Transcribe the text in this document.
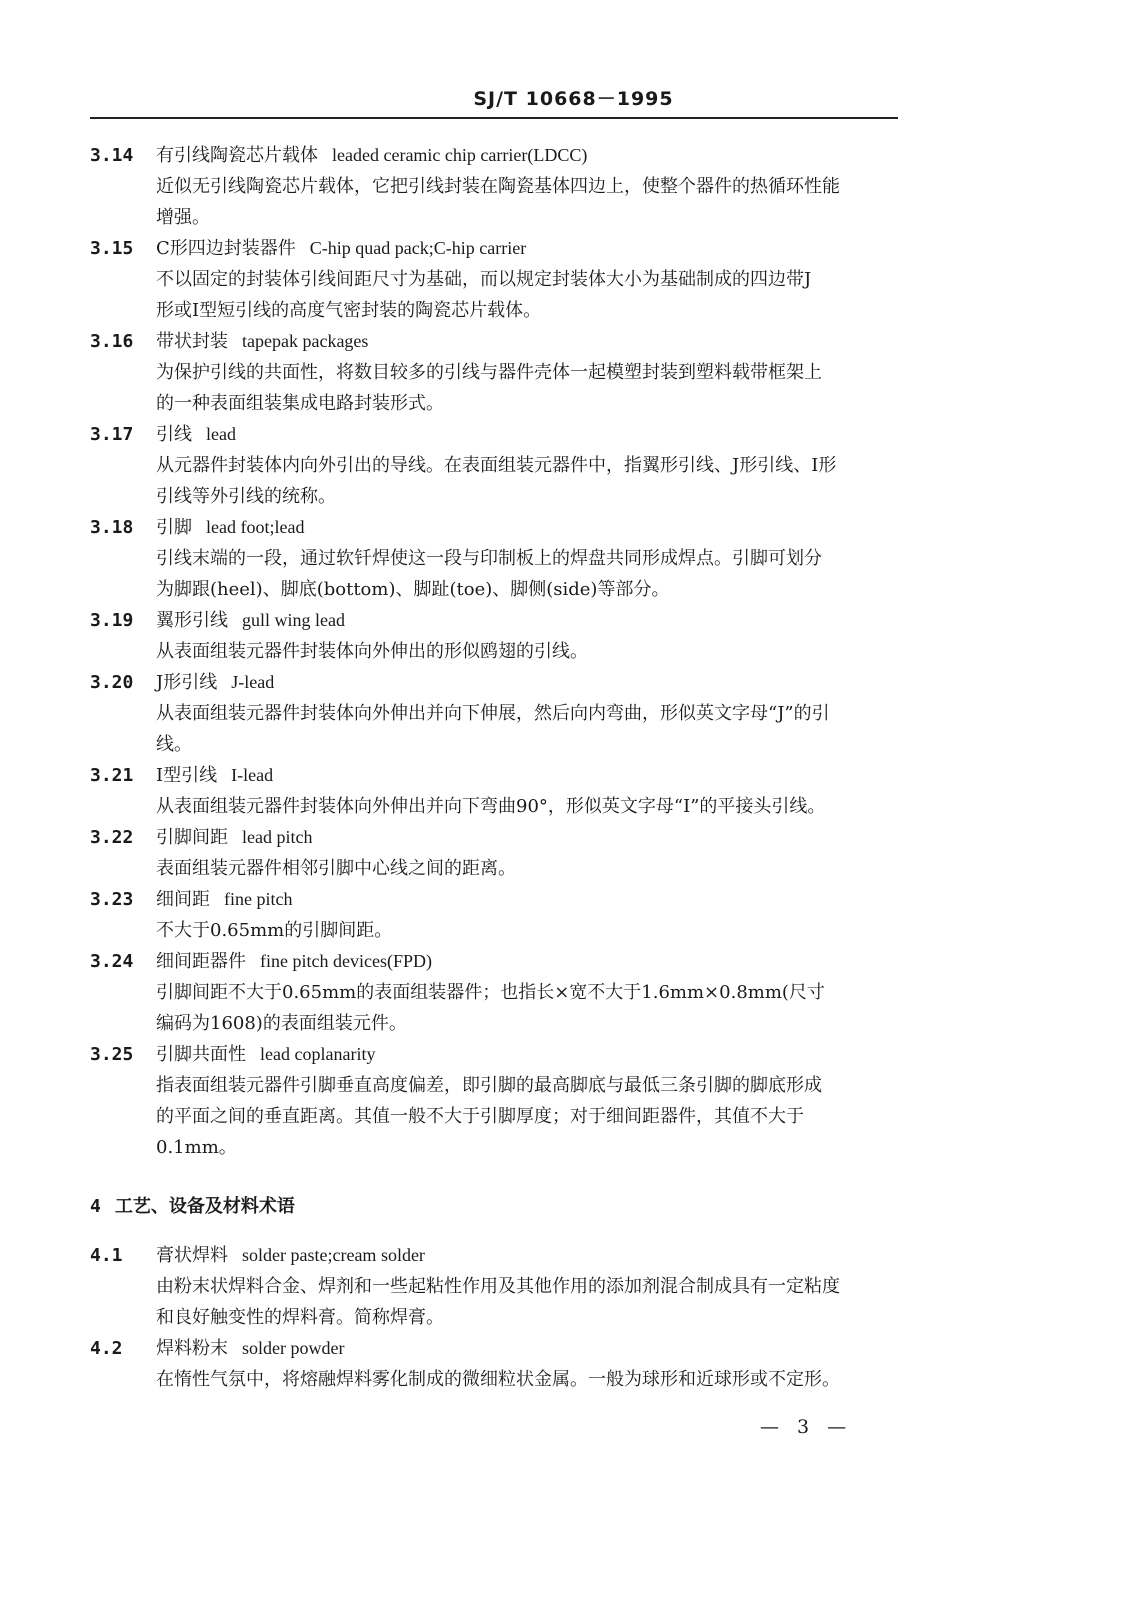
SJ/T 10668－1995
3.14 有引线陶瓷芯片载体 leaded ceramic chip carrier(LDCC)
近似无引线陶瓷芯片载体，它把引线封装在陶瓷基体四边上，使整个器件的热循环性能
增强。
3.15 C形四边封装器件 C-hip quad pack;C-hip carrier
不以固定的封装体引线间距尺寸为基础，而以规定封装体大小为基础制成的四边带J
形或I型短引线的高度气密封装的陶瓷芯片载体。
3.16 带状封装 tapepak packages
为保护引线的共面性，将数目较多的引线与器件壳体一起模塑封装到塑料载带框架上
的一种表面组装集成电路封装形式。
3.17 引线 lead
从元器件封装体内向外引出的导线。在表面组装元器件中，指翼形引线、J形引线、I形
引线等外引线的统称。
3.18 引脚 lead foot;lead
引线末端的一段，通过软钎焊使这一段与印制板上的焊盘共同形成焊点。引脚可划分
为脚跟(heel)、脚底(bottom)、脚趾(toe)、脚侧(side)等部分。
3.19 翼形引线 gull wing lead
从表面组装元器件封装体向外伸出的形似鸥翅的引线。
3.20 J形引线 J-lead
从表面组装元器件封装体向外伸出并向下伸展，然后向内弯曲，形似英文字母“J”的引
线。
3.21 I型引线 I-lead
从表面组装元器件封装体向外伸出并向下弯曲90°，形似英文字母“I”的平接头引线。
3.22 引脚间距 lead pitch
表面组装元器件相邻引脚中心线之间的距离。
3.23 细间距 fine pitch
不大于0.65mm的引脚间距。
3.24 细间距器件 fine pitch devices(FPD)
引脚间距不大于0.65mm的表面组装器件；也指长×宽不大于1.6mm×0.8mm(尺寸
编码为1608)的表面组装元件。
3.25 引脚共面性 lead coplanarity
指表面组装元器件引脚垂直高度偏差，即引脚的最高脚底与最低三条引脚的脚底形成
的平面之间的垂直距离。其值一般不大于引脚厚度；对于细间距器件，其值不大于
0.1mm。
4 工艺、设备及材料术语
4.1 膏状焊料 solder paste;cream solder
由粉末状焊料合金、焊剂和一些起粘性作用及其他作用的添加剂混合制成具有一定粘度
和良好触变性的焊料膏。简称焊膏。
4.2 焊料粉末 solder powder
在惰性气氛中，将熔融焊料雾化制成的微细粒状金属。一般为球形和近球形或不定形。
— 3 —
